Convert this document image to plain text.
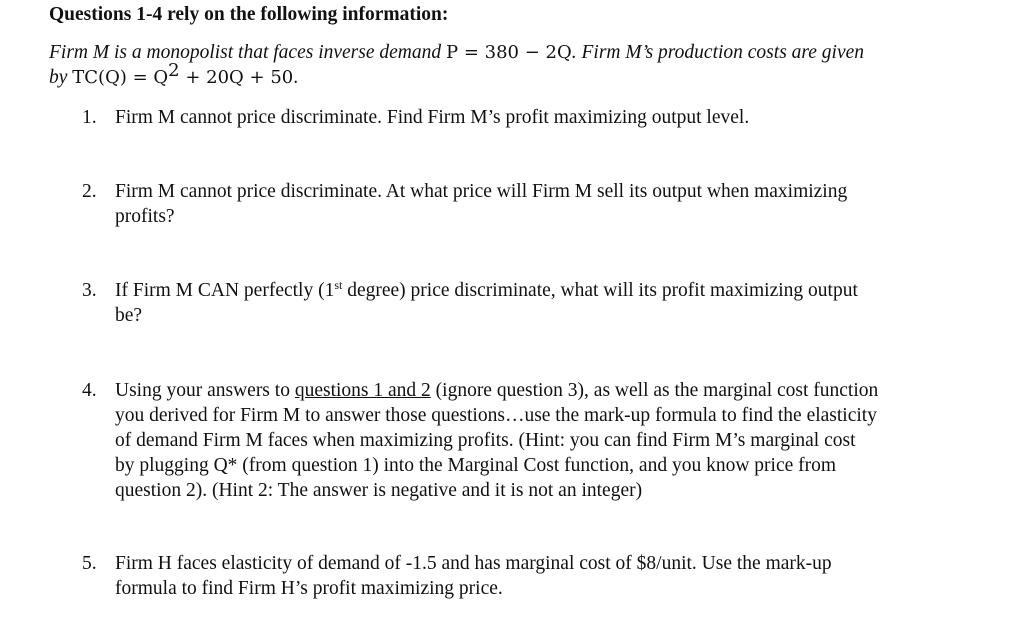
Questions 1-4 rely on the following information:
Firm M is a monopolist that faces inverse demand P = 380 − 2Q. Firm M’s production costs are given
by $TC(Q) = Q^2 + 20Q + 50$.
1. Firm M cannot price discriminate. Find Firm M’s profit maximizing output level.
2. Firm M cannot price discriminate. At what price will Firm M sell its output when maximizing
profits?
3. If Firm M CAN perfectly (1st degree) price discriminate, what will its profit maximizing output
be?
4. Using your answers to questions 1 and 2 (ignore question 3), as well as the marginal cost function
you derived for Firm M to answer those questions…use the mark-up formula to find the elasticity
of demand Firm M faces when maximizing profits. (Hint: you can find Firm M’s marginal cost
by plugging Q* (from question 1) into the Marginal Cost function, and you know price from
question 2). (Hint 2: The answer is negative and it is not an integer)
5. Firm H faces elasticity of demand of -1.5 and has marginal cost of $8/unit. Use the mark-up
formula to find Firm H’s profit maximizing price.
